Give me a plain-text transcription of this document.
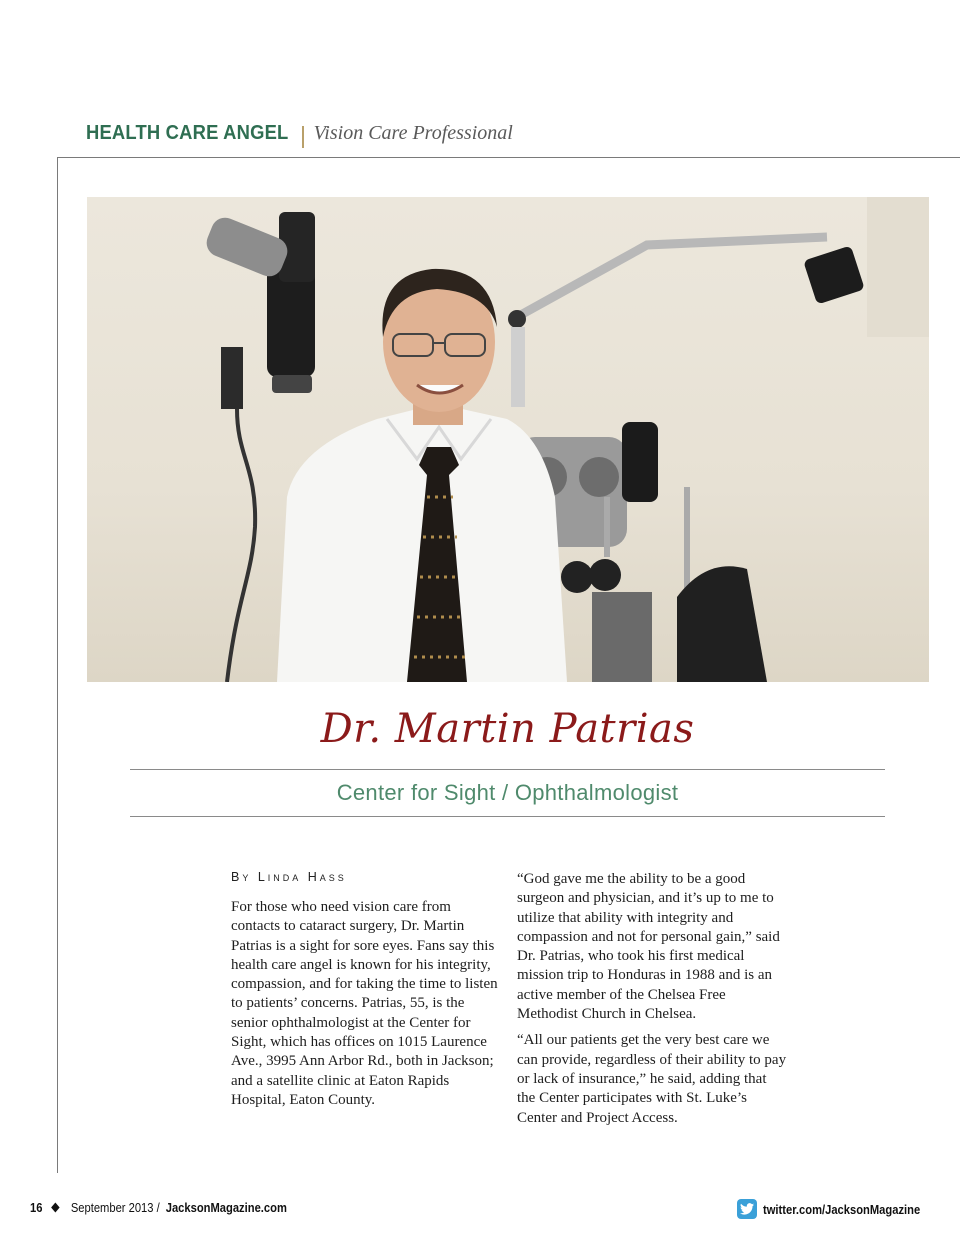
HEALTH CARE ANGEL Vision Care Professional
Dr. Martin Patrias
Center for Sight / Ophthalmologist
By Linda Hass

For those who need vision care from contacts to cataract surgery, Dr. Martin Patrias is a sight for sore eyes. Fans say this health care angel is known for his integrity, compassion, and for taking the time to listen to patients’ concerns. Patrias, 55, is the senior ophthalmologist at the Center for Sight, which has offices on 1015 Laurence Ave., 3995 Ann Arbor Rd., both in Jackson; and a satellite clinic at Eaton Rapids Hospital, Eaton County.

“God gave me the ability to be a good surgeon and physician, and it’s up to me to utilize that ability with integrity and compassion and not for personal gain,” said Dr. Patrias, who took his first medical mission trip to Honduras in 1988 and is an active member of the Chelsea Free Methodist Church in Chelsea.

“All our patients get the very best care we can provide, regardless of their ability to pay or lack of insurance,” he said, adding that the Center participates with St. Luke’s Center and Project Access.

16 September 2013 / JacksonMagazine.com	twitter.com/JacksonMagazine
